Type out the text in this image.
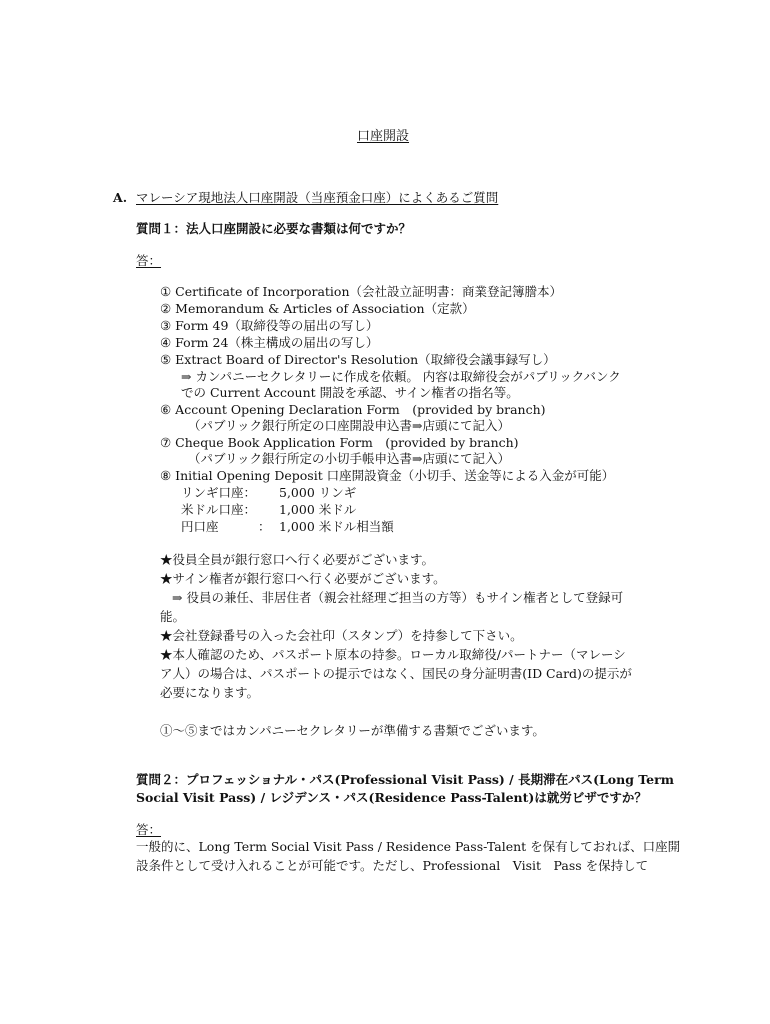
口座開設
A. マレーシア現地法人口座開設（当座預金口座）によくあるご質問
質問１：法人口座開設に必要な書類は何ですか？
答：
① Certificate of Incorporation（会社設立証明書：商業登記簿謄本）
② Memorandum & Articles of Association（定款）
③ Form 49（取締役等の届出の写し）
④ Form 24（株主構成の届出の写し）
⑤ Extract Board of Director's Resolution（取締役会議事録写し）
⇒ カンパニーセクレタリーに作成を依頼。 内容は取締役会がパブリックバンク
での Current Account 開設を承認、サイン権者の指名等。
⑥ Account Opening Declaration Form　(provided by branch)
（パブリック銀行所定の口座開設申込書⇒店頭にて記入）
⑦ Cheque Book Application Form　(provided by branch)
（パブリック銀行所定の小切手帳申込書⇒店頭にて記入）
⑧ Initial Opening Deposit 口座開設資金（小切手、送金等による入金が可能）
リンギ口座： 5,000 リンギ
米ドル口座： 1,000 米ドル
円口座	： 1,000 米ドル相当額
★役員全員が銀行窓口へ行く必要がございます。
★サイン権者が銀行窓口へ行く必要がございます。
⇒ 役員の兼任、非居住者（親会社経理ご担当の方等）もサイン権者として登録可
能。
★会社登録番号の入った会社印（スタンプ）を持参して下さい。
★本人確認のため、パスポート原本の持参。ローカル取締役/パートナー（マレーシ
ア人）の場合は、パスポートの提示ではなく、国民の身分証明書(ID Card)の提示が
必要になります。
①～⑤まではカンパニーセクレタリーが準備する書類でございます。
質問２：プロフェッショナル・パス(Professional Visit Pass) / 長期滞在パス(Long Term
Social Visit Pass) / レジデンス・パス(Residence Pass-Talent)は就労ビザですか？
答：
一般的に、Long Term Social Visit Pass / Residence Pass-Talent を保有しておれば、口座開
設条件として受け入れることが可能です。ただし、Professional　Visit　Pass を保持して
